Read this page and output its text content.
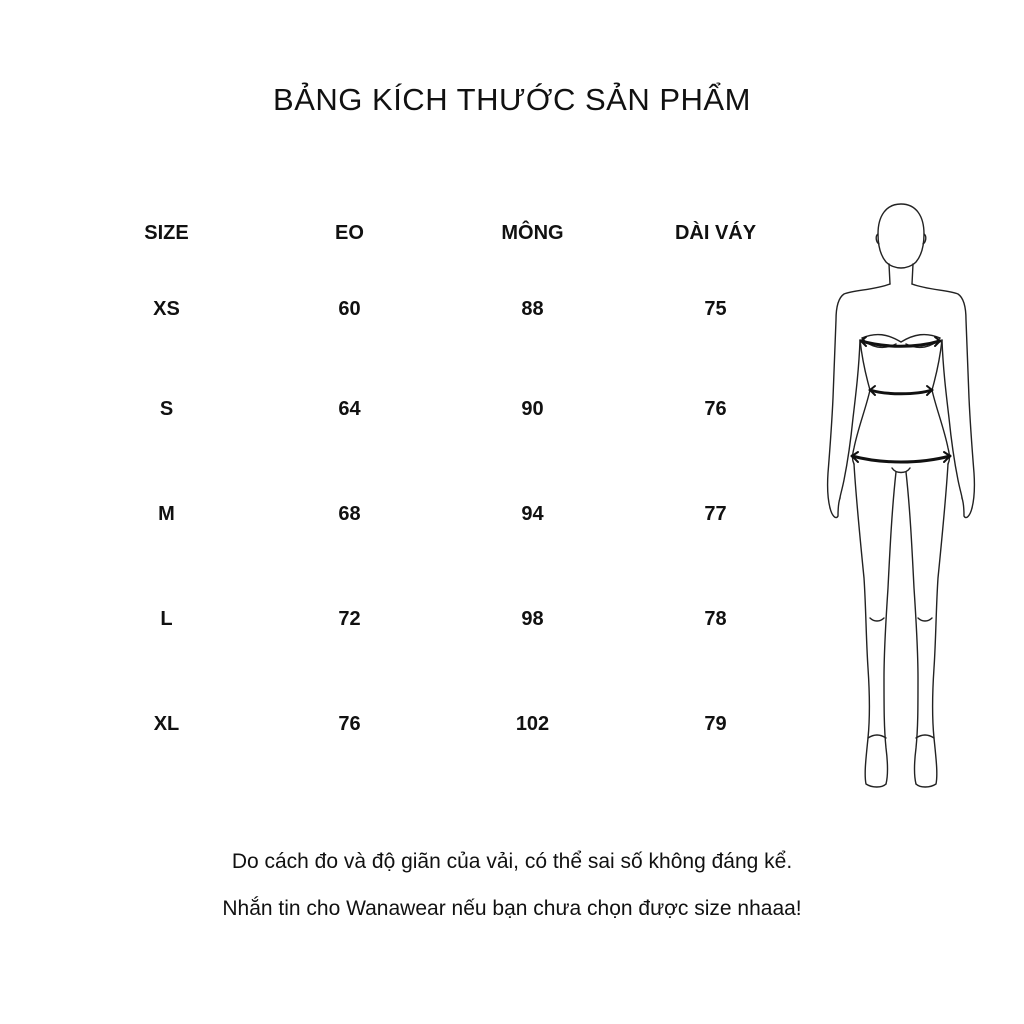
BẢNG KÍCH THƯỚC SẢN PHẨM
SIZE	EO	MÔNG	DÀI VÁY
XS	60	88	75
S	64	90	76
M	68	94	77
L	72	98	78
XL	76	102	79

Do cách đo và độ giãn của vải, có thể sai số không đáng kể.

Nhắn tin cho Wanawear nếu bạn chưa chọn được size nhaaa!
